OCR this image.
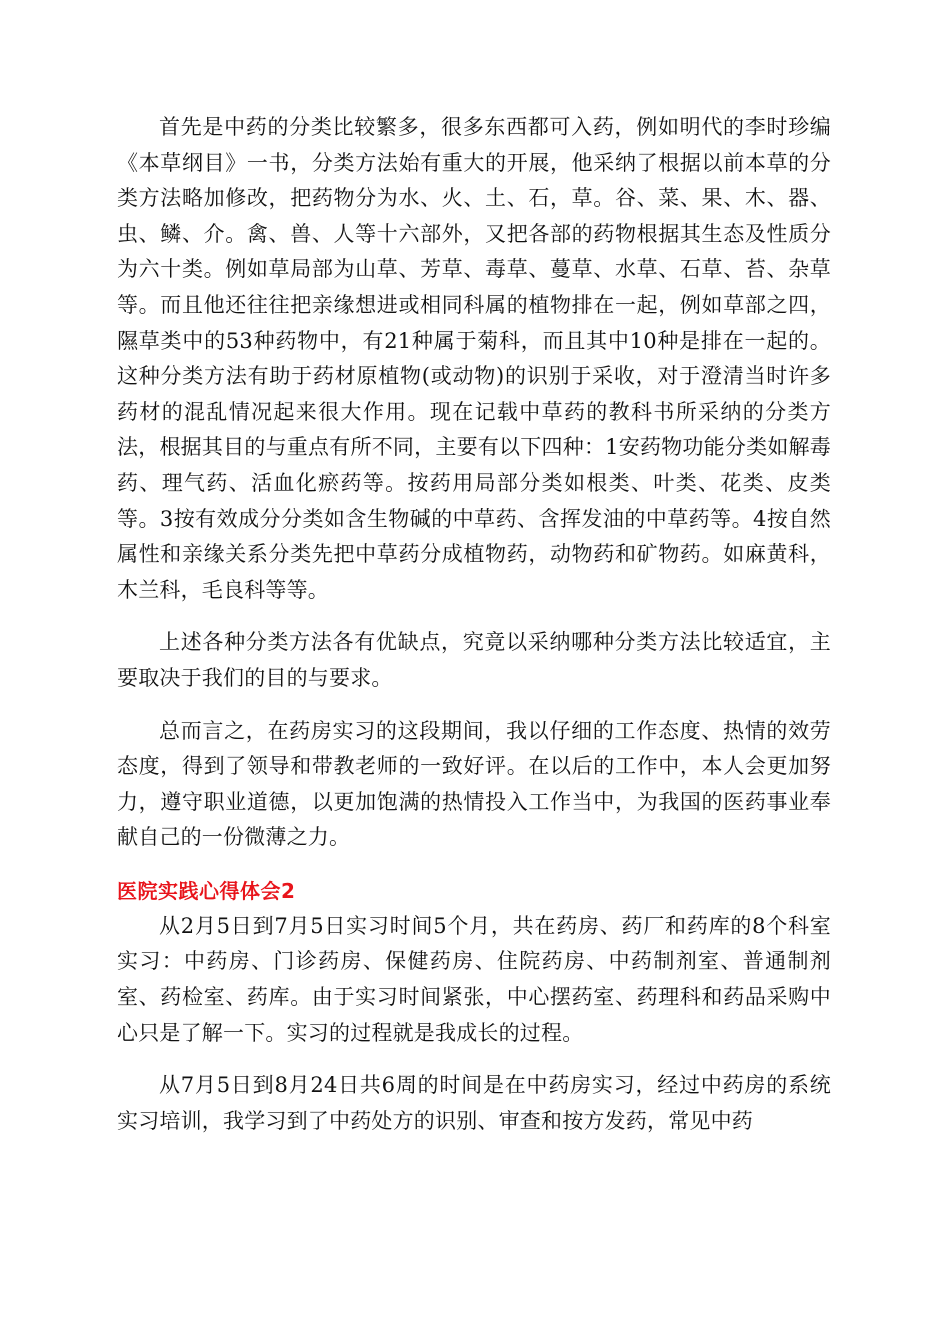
首先是中药的分类比较繁多，很多东西都可入药，例如明代的李时珍编《本草纲目》一书，分类方法始有重大的开展，他采纳了根据以前本草的分类方法略加修改，把药物分为水、火、土、石，草。谷、菜、果、木、器、虫、鳞、介。禽、兽、人等十六部外，又把各部的药物根据其生态及性质分为六十类。例如草局部为山草、芳草、毒草、蔓草、水草、石草、苔、杂草等。而且他还往往把亲缘想进或相同科属的植物排在一起，例如草部之四，隰草类中的53种药物中，有21种属于菊科，而且其中10种是排在一起的。这种分类方法有助于药材原植物(或动物)的识别于采收，对于澄清当时许多药材的混乱情况起来很大作用。现在记载中草药的教科书所采纳的分类方法，根据其目的与重点有所不同，主要有以下四种：1安药物功能分类如解毒药、理气药、活血化瘀药等。按药用局部分类如根类、叶类、花类、皮类等。3按有效成分分类如含生物碱的中草药、含挥发油的中草药等。4按自然属性和亲缘关系分类先把中草药分成植物药，动物药和矿物药。如麻黄科，木兰科，毛良科等等。

上述各种分类方法各有优缺点，究竟以采纳哪种分类方法比较适宜，主要取决于我们的目的与要求。

总而言之，在药房实习的这段期间，我以仔细的工作态度、热情的效劳态度，得到了领导和带教老师的一致好评。在以后的工作中，本人会更加努力，遵守职业道德，以更加饱满的热情投入工作当中，为我国的医药事业奉献自己的一份微薄之力。

医院实践心得体会2

从2月5日到7月5日实习时间5个月，共在药房、药厂和药库的8个科室实习：中药房、门诊药房、保健药房、住院药房、中药制剂室、普通制剂室、药检室、药库。由于实习时间紧张，中心摆药室、药理科和药品采购中心只是了解一下。实习的过程就是我成长的过程。

从7月5日到8月24日共6周的时间是在中药房实习，经过中药房的系统实习培训，我学习到了中药处方的识别、审查和按方发药，常见中药
